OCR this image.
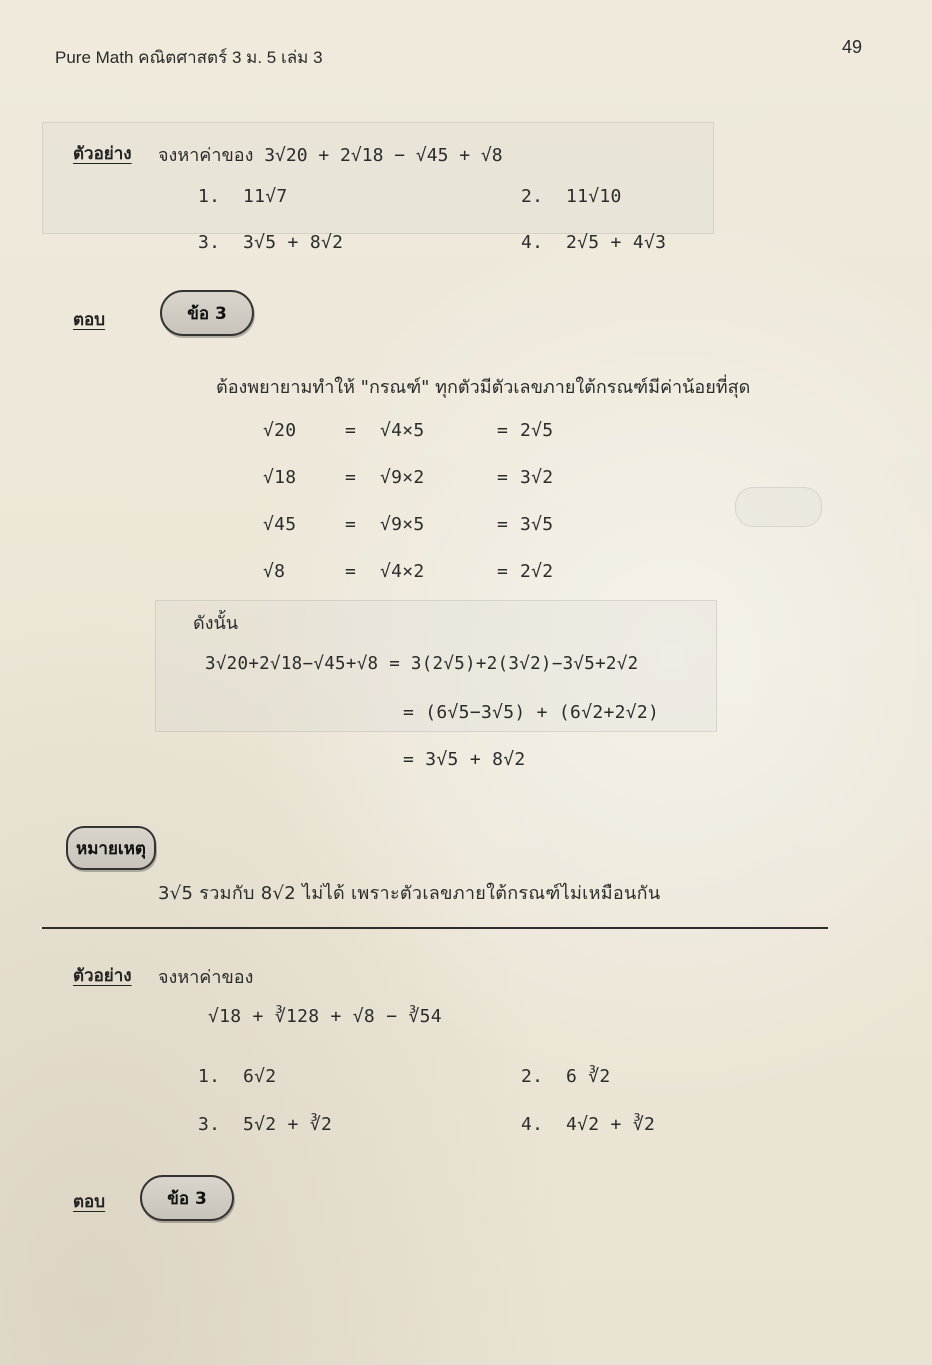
Pure Math คณิตศาสตร์ 3 ม. 5 เล่ม 3
49
ตัวอย่าง จงหาค่าของ 3√20 + 2√18 − √45 + √8
1. 11√7	2. 11√10
3. 3√5 + 8√2	4. 2√5 + 4√3
ตอบ	ข้อ 3
ต้องพยายามทำให้ "กรณฑ์" ทุกตัวมีตัวเลขภายใต้กรณฑ์มีค่าน้อยที่สุด
√20	= √4×5	= 2√5
√18	= √9×2	= 3√2
√45	= √9×5	= 3√5
√8	= √4×2	= 2√2
ดังนั้น
3√20+2√18−√45+√8 = 3(2√5)+2(3√2)−3√5+2√2
= (6√5−3√5) + (6√2+2√2)
= 3√5 + 8√2
หมายเหตุ
3√5 รวมกับ 8√2 ไม่ได้ เพราะตัวเลขภายใต้กรณฑ์ไม่เหมือนกัน
ตัวอย่าง จงหาค่าของ
√18 + ∛128 + √8 − ∛54
1. 6√2	2. 6 ∛2
3. 5√2 + ∛2	4. 4√2 + ∛2
ตอบ	ข้อ 3
